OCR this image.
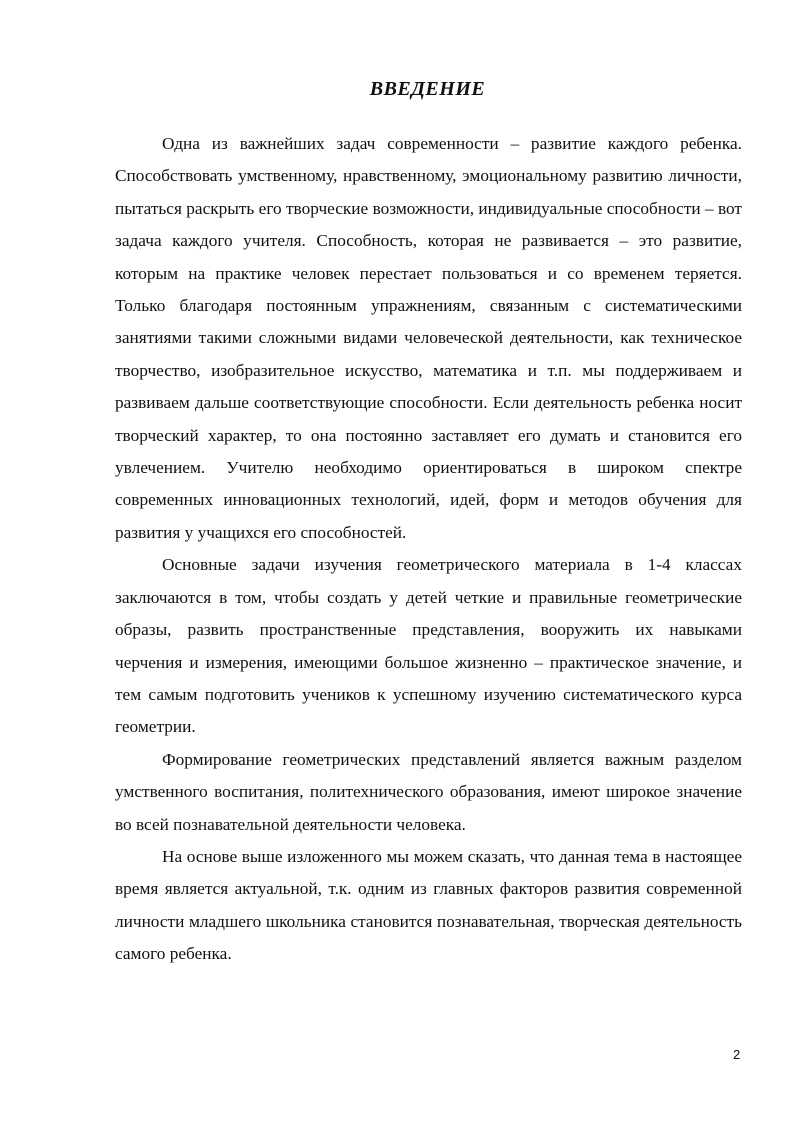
ВВЕДЕНИЕ

Одна из важнейших задач современности – развитие каждого ребенка. Способствовать умственному, нравственному, эмоциональному развитию личности, пытаться раскрыть его творческие возможности, индивидуальные способности – вот задача каждого учителя. Способность, которая не развивается – это развитие, которым на практике человек перестает пользоваться и со временем теряется. Только благодаря постоянным упражнениям, связанным с систематическими занятиями такими сложными видами человеческой деятельности, как техническое творчество, изобразительное искусство, математика и т.п. мы поддерживаем и развиваем дальше соответствующие способности. Если деятельность ребенка носит творческий характер, то она постоянно заставляет его думать и становится его увлечением. Учителю необходимо ориентироваться в широком спектре современных инновационных технологий, идей, форм и методов обучения для развития у учащихся его способностей.

Основные задачи изучения геометрического материала в 1-4 классах заключаются в том, чтобы создать у детей четкие и правильные геометрические образы, развить пространственные представления, вооружить их навыками черчения и измерения, имеющими большое жизненно – практическое значение, и тем самым подготовить учеников к успешному изучению систематического курса геометрии.

Формирование геометрических представлений является важным разделом умственного воспитания, политехнического образования, имеют широкое значение во всей познавательной деятельности человека.

На основе выше изложенного мы можем сказать, что данная тема в настоящее время является актуальной, т.к. одним из главных факторов развития современной личности младшего школьника становится познавательная, творческая деятельность самого ребенка.

2
